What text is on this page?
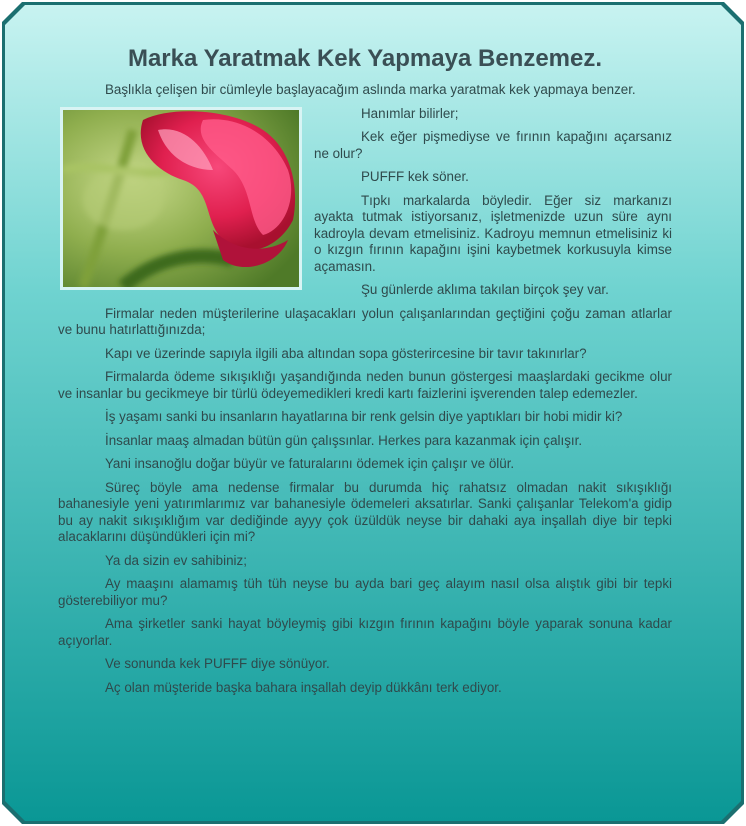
Marka Yaratmak Kek Yapmaya Benzemez.

Başlıkla çelişen bir cümleyle başlayacağım aslında marka yaratmak kek yapmaya benzer.

Hanımlar bilirler;

Kek eğer pişmediyse ve fırının kapağını açarsanız ne olur?

PUFFF kek söner.

Tıpkı markalarda böyledir. Eğer siz markanızı ayakta tutmak istiyorsanız, işletmenizde uzun süre aynı kadroyla devam etmelisiniz. Kadroyu memnun etmelisiniz ki o kızgın fırının kapağını işini kaybetmek korkusuyla kimse açamasın.

Şu günlerde aklıma takılan birçok şey var.

Firmalar neden müşterilerine ulaşacakları yolun çalışanlarından geçtiğini çoğu zaman atlarlar ve bunu hatırlattığınızda;

Kapı ve üzerinde sapıyla ilgili aba altından sopa gösterircesine bir tavır takınırlar?

Firmalarda ödeme sıkışıklığı yaşandığında neden bunun göstergesi maaşlardaki gecikme olur ve insanlar bu gecikmeye bir türlü ödeyemedikleri kredi kartı faizlerini işverenden talep edemezler.

İş yaşamı sanki bu insanların hayatlarına bir renk gelsin diye yaptıkları bir hobi midir ki?

İnsanlar maaş almadan bütün gün çalışsınlar. Herkes para kazanmak için çalışır.

Yani insanoğlu doğar büyür ve faturalarını ödemek için çalışır ve ölür.

Süreç böyle ama nedense firmalar bu durumda hiç rahatsız olmadan nakit sıkışıklığı bahanesiyle yeni yatırımlarımız var bahanesiyle ödemeleri aksatırlar. Sanki çalışanlar Telekom'a gidip bu ay nakit sıkışıklığım var dediğinde ayyy çok üzüldük neyse bir dahaki aya inşallah diye bir tepki alacaklarını düşündükleri için mi?

Ya da sizin ev sahibiniz;

Ay maaşını alamamış tüh tüh neyse bu ayda bari geç alayım nasıl olsa alıştık gibi bir tepki gösterebiliyor mu?

Ama şirketler sanki hayat böyleymiş gibi kızgın fırının kapağını böyle yaparak sonuna kadar açıyorlar.

Ve sonunda kek PUFFF diye sönüyor.

Aç olan müşteride başka bahara inşallah deyip dükkânı terk ediyor.
